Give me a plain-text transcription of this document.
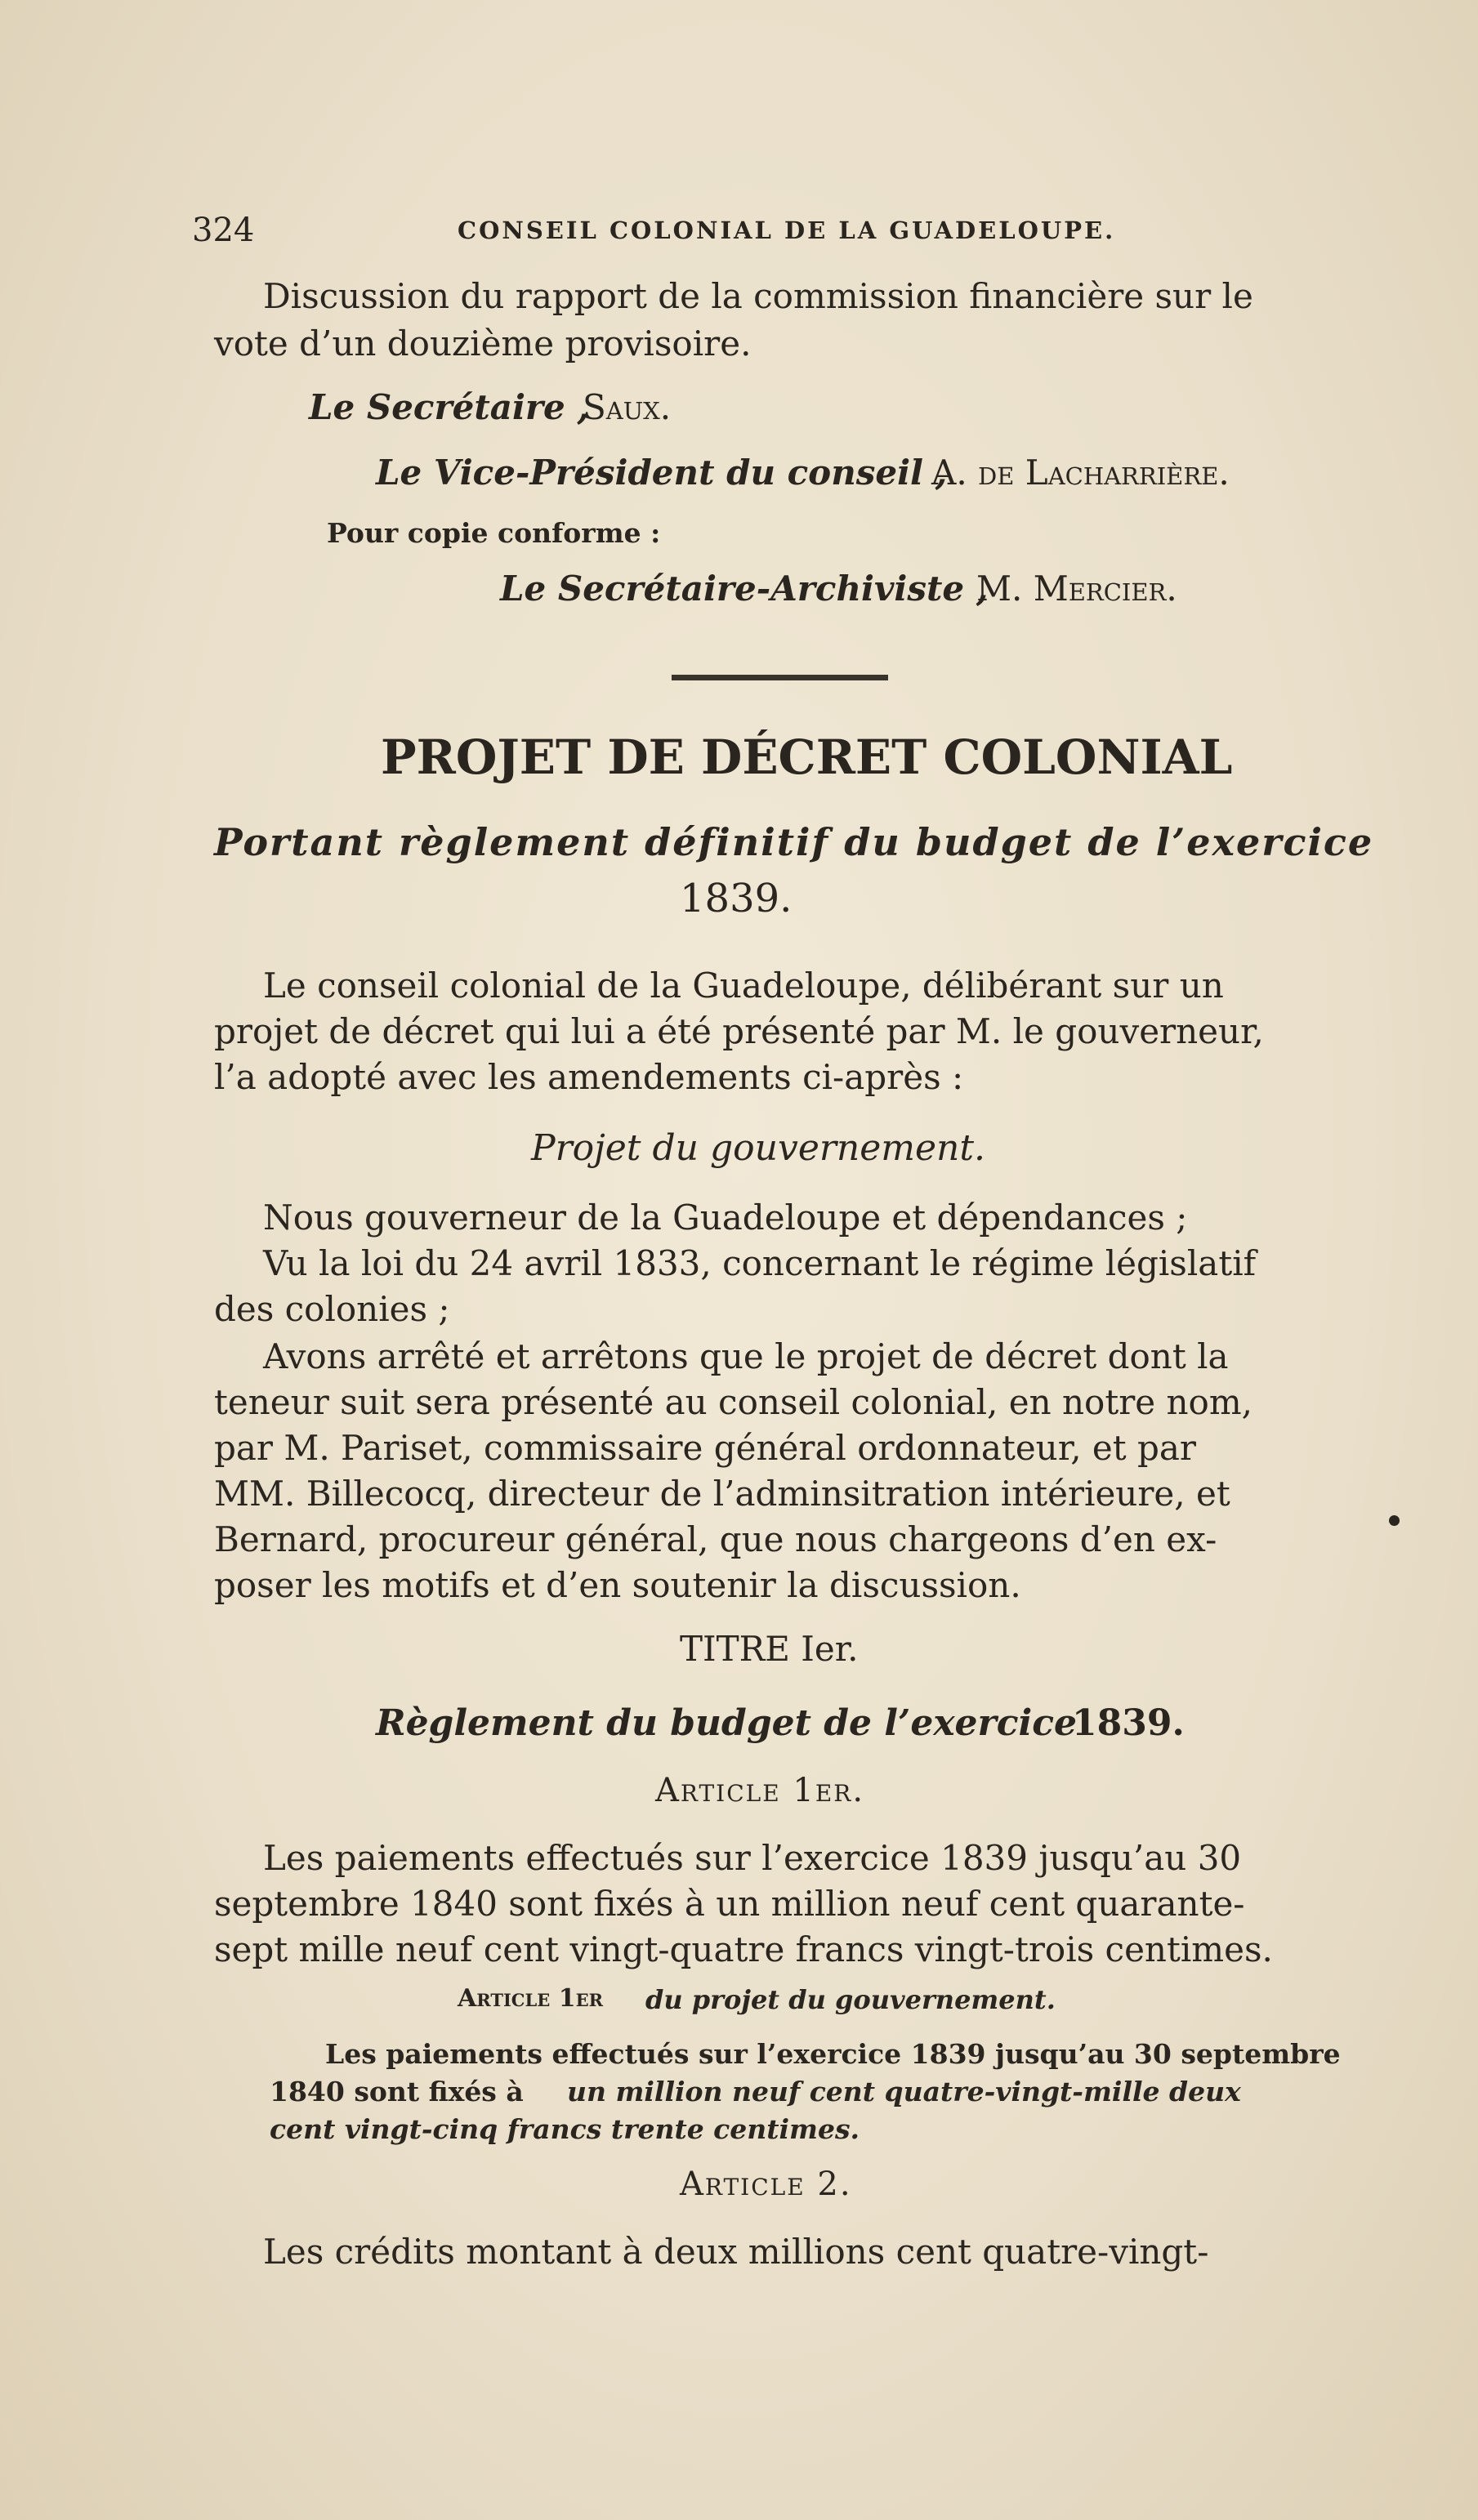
324	CONSEIL COLONIAL DE LA GUADELOUPE.
Discussion du rapport de la commission financière sur le
vote d’un douzième provisoire.
Le Secrétaire ,
Saux.
Le Vice-Président du conseil ,
A. de Lacharrière.
Pour copie conforme :
Le Secrétaire-Archiviste ,
M. Mercier.
PROJET DE DÉCRET COLONIAL
Portant règlement définitif du budget de l’exercice
1839.
Le conseil colonial de la Guadeloupe, délibérant sur un
projet de décret qui lui a été présenté par M. le gouverneur,
l’a adopté avec les amendements ci-après :
Projet du gouvernement.
Nous gouverneur de la Guadeloupe et dépendances ;
Vu la loi du 24 avril 1833, concernant le régime législatif
des colonies ;
Avons arrêté et arrêtons que le projet de décret dont la
teneur suit sera présenté au conseil colonial, en notre nom,
par M. Pariset, commissaire général ordonnateur, et par
MM. Billecocq, directeur de l’adminsitration intérieure, et
Bernard, procureur général, que nous chargeons d’en ex-
poser les motifs et d’en soutenir la discussion.
TITRE Ier.
Règlement du budget de l’exercice
1839.
Article 1er.
Les paiements effectués sur l’exercice 1839 jusqu’au 30
septembre 1840 sont fixés à un million neuf cent quarante-
sept mille neuf cent vingt-quatre francs vingt-trois centimes.
Article 1er du projet du gouvernement.
Les paiements effectués sur l’exercice 1839 jusqu’au 30 septembre
1840 sont fixés à un million neuf cent quatre-vingt-mille deux
cent vingt-cinq francs trente centimes.
Article 2.
Les crédits montant à deux millions cent quatre-vingt-
